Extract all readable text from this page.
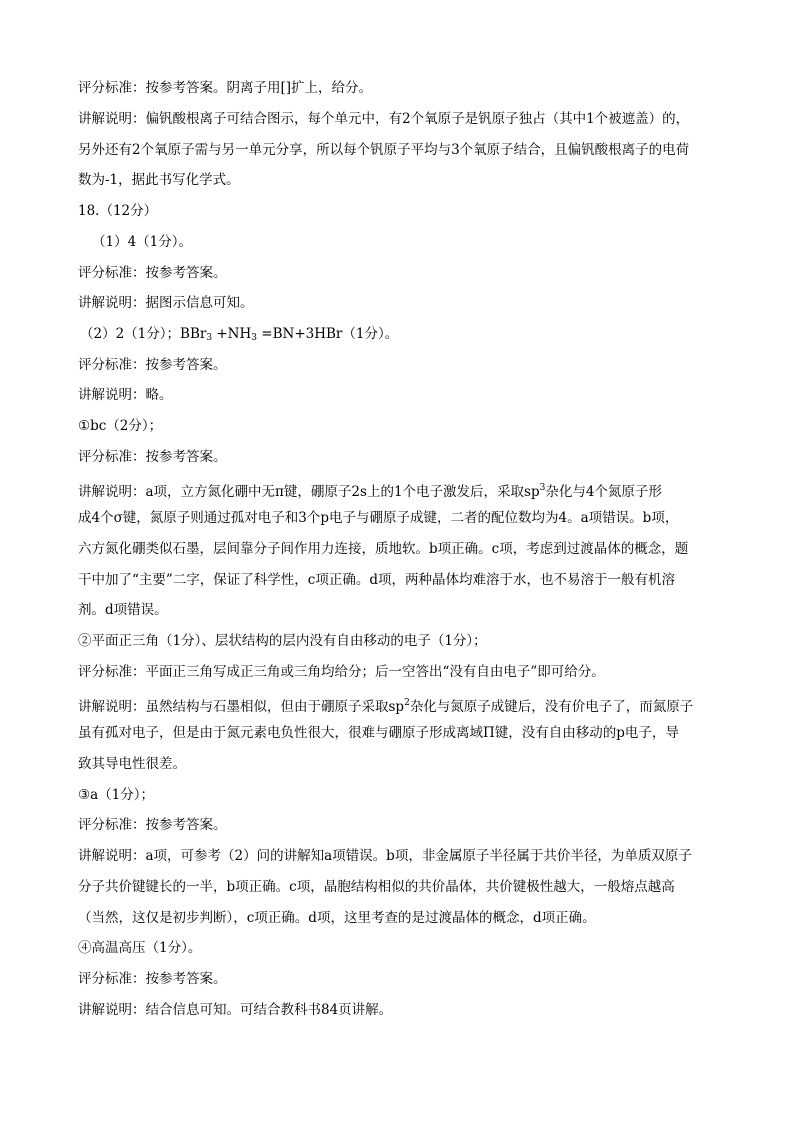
评分标准：按参考答案。阴离子用[]扩上，给分。
讲解说明：偏钒酸根离子可结合图示，每个单元中，有2个氧原子是钒原子独占（其中1个被遮盖）的，
另外还有2个氧原子需与另一单元分享，所以每个钒原子平均与3个氧原子结合，且偏钒酸根离子的电荷
数为-1，据此书写化学式。
18.（12分）
（1）4（1分）。
评分标准：按参考答案。
讲解说明：据图示信息可知。
（2）2（1分）；$BBr_3 +NH_3 =BN+3HBr(1$分）。
评分标准：按参考答案。
讲解说明：略。
①bc（2分）；
评分标准：按参考答案。
讲解说明：a项，立方氮化硼中无π键，硼原子2s上的1个电子激发后，采取$sp^3$杂化与4个氮原子形
成4个σ键，氮原子则通过孤对电子和3个p电子与硼原子成键，二者的配位数均为4。a项错误。b项，
六方氮化硼类似石墨，层间靠分子间作用力连接，质地软。b项正确。c项，考虑到过渡晶体的概念，题
干中加了“主要”二字，保证了科学性，c项正确。d项，两种晶体均难溶于水，也不易溶于一般有机溶
剂。d项错误。
②平面正三角（1分）、层状结构的层内没有自由移动的电子（1分）；
评分标准：平面正三角写成正三角或三角均给分；后一空答出“没有自由电子”即可给分。
讲解说明：虽然结构与石墨相似，但由于硼原子采取$sp^2$杂化与氮原子成键后，没有价电子了，而氮原子
虽有孤对电子，但是由于氮元素电负性很大，很难与硼原子形成离域Π键，没有自由移动的p电子，导
致其导电性很差。
③a（1分）；
评分标准：按参考答案。
讲解说明：a项，可参考（2）问的讲解知a项错误。b项，非金属原子半径属于共价半径，为单质双原子
分子共价键键长的一半，b项正确。c项，晶胞结构相似的共价晶体，共价键极性越大，一般熔点越高
（当然，这仅是初步判断），c项正确。d项，这里考查的是过渡晶体的概念，d项正确。
④高温高压（1分）。
评分标准：按参考答案。
讲解说明：结合信息可知。可结合教科书84页讲解。
